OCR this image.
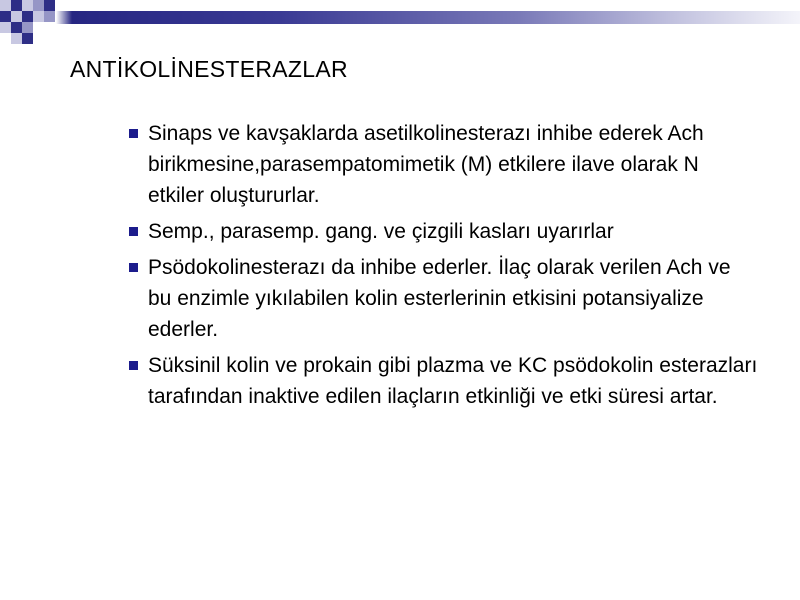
ANTİKOLİNESTERAZLAR
Sinaps ve kavşaklarda asetilkolinesterazı inhibe ederek Ach birikmesine,parasempatomimetik (M) etkilere ilave olarak N etkiler oluştururlar.
Semp., parasemp. gang. ve çizgili kasları uyarırlar
Psödokolinesterazı da inhibe ederler. İlaç olarak verilen Ach ve bu enzimle yıkılabilen kolin esterlerinin etkisini potansiyalize ederler.
Süksinil kolin ve prokain gibi plazma ve KC psödokolin esterazları tarafından inaktive edilen ilaçların etkinliği ve etki süresi artar.
